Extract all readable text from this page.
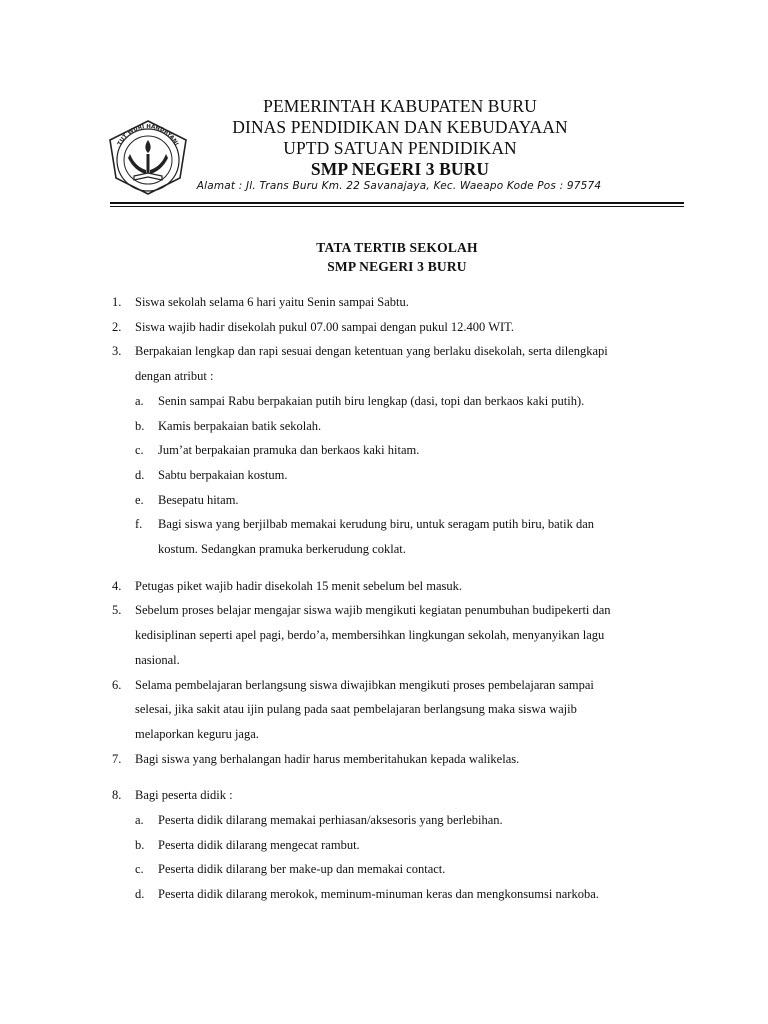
TUT WURI HANDAYANI
PEMERINTAH KABUPATEN BURU
DINAS PENDIDIKAN DAN KEBUDAYAAN
UPTD SATUAN PENDIDIKAN
SMP NEGERI 3 BURU
Alamat : Jl. Trans Buru Km. 22 Savanajaya, Kec. Waeapo Kode Pos : 97574
TATA TERTIB SEKOLAH
SMP NEGERI 3 BURU
1. Siswa sekolah selama 6 hari yaitu Senin sampai Sabtu.
2. Siswa wajib hadir disekolah pukul 07.00 sampai dengan pukul 12.400 WIT.
3. Berpakaian lengkap dan rapi sesuai dengan ketentuan yang berlaku disekolah, serta dilengkapi
dengan atribut :
a. Senin sampai Rabu berpakaian putih biru lengkap (dasi, topi dan berkaos kaki putih).
b. Kamis berpakaian batik sekolah.
c. Jum’at berpakaian pramuka dan berkaos kaki hitam.
d. Sabtu berpakaian kostum.
e. Besepatu hitam.
f. Bagi siswa yang berjilbab memakai kerudung biru, untuk seragam putih biru, batik dan
kostum. Sedangkan pramuka berkerudung coklat.
4. Petugas piket wajib hadir disekolah 15 menit sebelum bel masuk.
5. Sebelum proses belajar mengajar siswa wajib mengikuti kegiatan penumbuhan budipekerti dan
kedisiplinan seperti apel pagi, berdo’a, membersihkan lingkungan sekolah, menyanyikan lagu
nasional.
6. Selama pembelajaran berlangsung siswa diwajibkan mengikuti proses pembelajaran sampai
selesai, jika sakit atau ijin pulang pada saat pembelajaran berlangsung maka siswa wajib
melaporkan keguru jaga.
7. Bagi siswa yang berhalangan hadir harus memberitahukan kepada walikelas.
8. Bagi peserta didik :
a. Peserta didik dilarang memakai perhiasan/aksesoris yang berlebihan.
b. Peserta didik dilarang mengecat rambut.
c. Peserta didik dilarang ber make-up dan memakai contact.
d. Peserta didik dilarang merokok, meminum-minuman keras dan mengkonsumsi narkoba.
